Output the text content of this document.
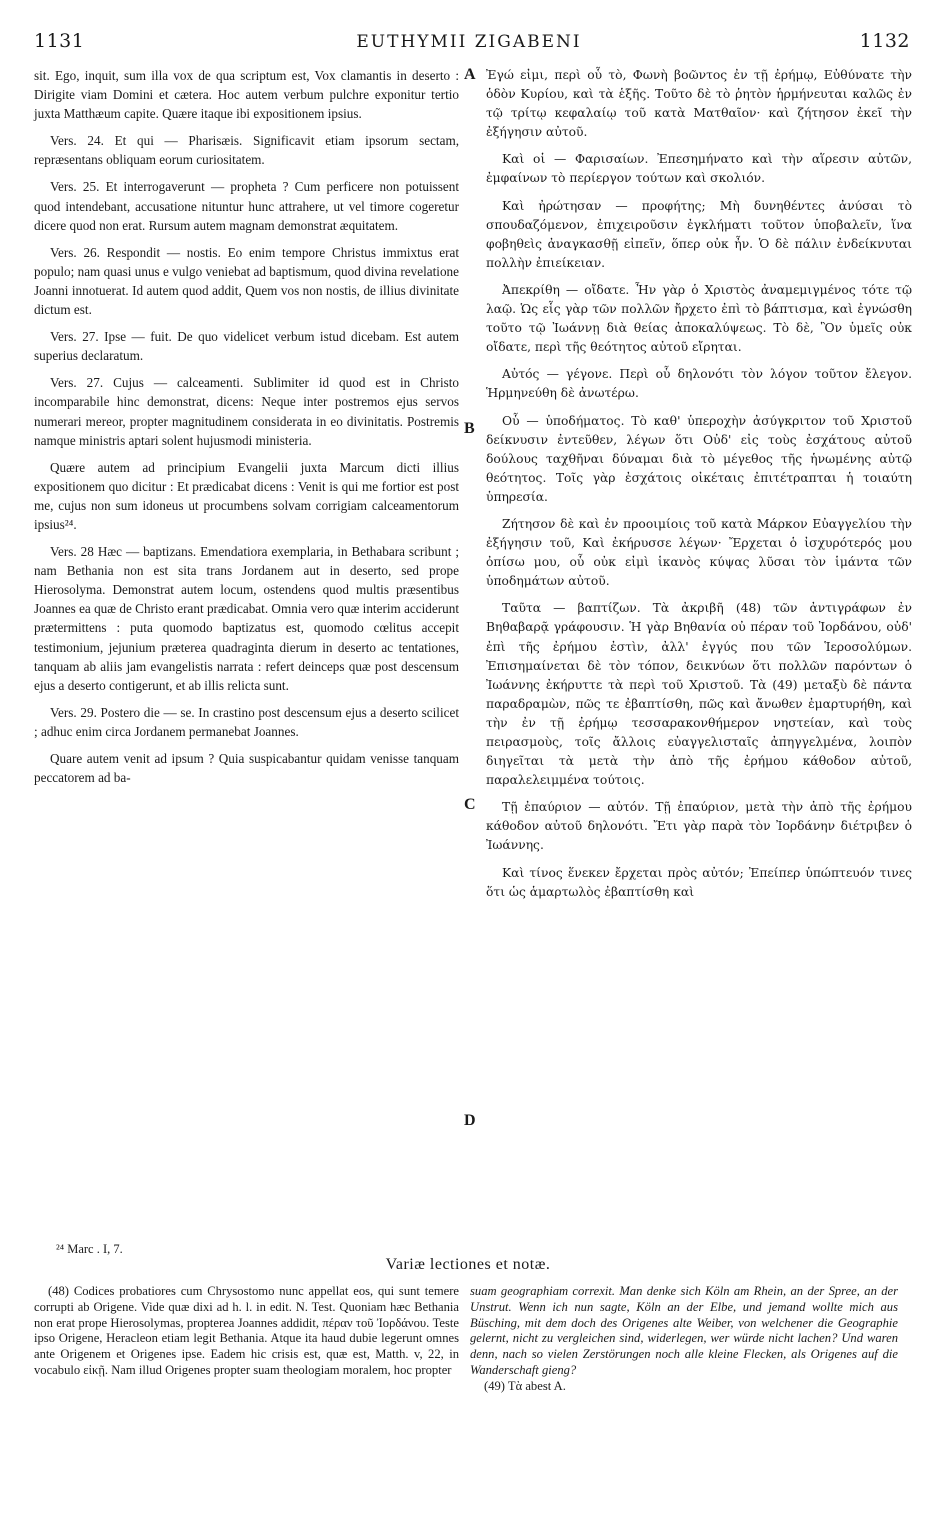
1131	EUTHYMII ZIGABENI	1132

sit. Ego, inquit, sum illa vox de qua scriptum est, Vox clamantis in deserto : Dirigite viam Domini et cætera. Hoc autem verbum pulchre exponitur tertio juxta Matthæum capite. Quære itaque ibi expositionem ipsius.

Vers. 24. Et qui — Pharisæis. Significavit etiam ipsorum sectam, repræsentans obliquam eorum curiositatem.

Vers. 25. Et interrogaverunt — propheta ? Cum perficere non potuissent quod intendebant, accusatione nituntur hunc attrahere, ut vel timore cogeretur dicere quod non erat. Rursum autem magnam demonstrat æquitatem.

Vers. 26. Respondit — nostis. Eo enim tempore Christus immixtus erat populo; nam quasi unus e vulgo veniebat ad baptismum, quod divina revelatione Joanni innotuerat. Id autem quod addit, Quem vos non nostis, de illius divinitate dictum est.

Vers. 27. Ipse — fuit. De quo videlicet verbum istud dicebam. Est autem superius declaratum.

Vers. 27. Cujus — calceamenti. Sublimiter id quod est in Christo incomparabile hinc demonstrat, dicens: Neque inter postremos ejus servos numerari mereor, propter magnitudinem considerata in eo divinitatis. Postremis namque ministris aptari solent hujusmodi ministeria.

Quære autem ad principium Evangelii juxta Marcum dicti illius expositionem quo dicitur : Et prædicabat dicens : Venit is qui me fortior est post me, cujus non sum idoneus ut procumbens solvam corrigiam calceamentorum ipsius²⁴.

Vers. 28 Hæc — baptizans. Emendatiora exemplaria, in Bethabara scribunt ; nam Bethania non est sita trans Jordanem aut in deserto, sed prope Hierosolyma. Demonstrat autem locum, ostendens quod multis præsentibus Joannes ea quæ de Christo erant prædicabat. Omnia vero quæ interim acciderunt prætermittens : puta quomodo baptizatus est, quomodo cœlitus accepit testimonium, jejunium præterea quadraginta dierum in deserto ac tentationes, tanquam ab aliis jam evangelistis narrata : refert deinceps quæ post descensum ejus a deserto contigerunt, et ab illis relicta sunt.

Vers. 29. Postero die — se. In crastino post descensum ejus a deserto scilicet ; adhuc enim circa Jordanem permanebat Joannes.

Quare autem venit ad ipsum ? Quia suspicabantur quidam venisse tanquam peccatorem ad ba-

Ἐγώ εἰμι, περὶ οὗ τὸ, Φωνὴ βοῶντος ἐν τῇ ἐρήμῳ, Εὐθύνατε τὴν ὁδὸν Κυρίου, καὶ τὰ ἑξῆς. Τοῦτο δὲ τὸ ῥητὸν ἡρμήνευται καλῶς ἐν τῷ τρίτῳ κεφαλαίῳ τοῦ κατὰ Ματθαῖον· καὶ ζήτησον ἐκεῖ τὴν ἐξήγησιν αὐτοῦ.

Καὶ οἱ — Φαρισαίων. Ἐπεσημήνατο καὶ τὴν αἵρεσιν αὐτῶν, ἐμφαίνων τὸ περίεργον τούτων καὶ σκολιόν.

Καὶ ἠρώτησαν — προφήτης; Μὴ δυνηθέντες ἀνύσαι τὸ σπουδαζόμενον, ἐπιχειροῦσιν ἐγκλήματι τοῦτον ὑποβαλεῖν, ἵνα φοβηθεὶς ἀναγκασθῇ εἰπεῖν, ὅπερ οὐκ ἦν. Ὁ δὲ πάλιν ἐνδείκνυται πολλὴν ἐπιείκειαν.

Ἀπεκρίθη — οἴδατε. Ἦν γὰρ ὁ Χριστὸς ἀναμεμιγμένος τότε τῷ λαῷ. Ὡς εἷς γὰρ τῶν πολλῶν ἤρχετο ἐπὶ τὸ βάπτισμα, καὶ ἐγνώσθη τοῦτο τῷ Ἰωάννῃ διὰ θείας ἀποκαλύψεως. Τὸ δὲ, Ὃν ὑμεῖς οὐκ οἴδατε, περὶ τῆς θεότητος αὐτοῦ εἴρηται.

Αὐτός — γέγονε. Περὶ οὗ δηλονότι τὸν λόγον τοῦτον ἔλεγον. Ἡρμηνεύθη δὲ ἀνωτέρω.

Οὗ — ὑποδήματος. Τὸ καθ' ὑπεροχὴν ἀσύγκριτον τοῦ Χριστοῦ δείκνυσιν ἐντεῦθεν, λέγων ὅτι Οὐδ' εἰς τοὺς ἐσχάτους αὐτοῦ δούλους ταχθῆναι δύναμαι διὰ τὸ μέγεθος τῆς ἡνωμένης αὐτῷ θεότητος. Τοῖς γὰρ ἐσχάτοις οἰκέταις ἐπιτέτραπται ἡ τοιαύτη ὑπηρεσία.

Ζήτησον δὲ καὶ ἐν προοιμίοις τοῦ κατὰ Μάρκον Εὐαγγελίου τὴν ἐξήγησιν τοῦ, Καὶ ἐκήρυσσε λέγων· Ἔρχεται ὁ ἰσχυρότερός μου ὀπίσω μου, οὗ οὐκ εἰμὶ ἱκανὸς κύψας λῦσαι τὸν ἱμάντα τῶν ὑποδημάτων αὐτοῦ.

Ταῦτα — βαπτίζων. Τὰ ἀκριβῆ (48) τῶν ἀντιγράφων ἐν Βηθαβαρᾷ γράφουσιν. Ἡ γὰρ Βηθανία οὐ πέραν τοῦ Ἰορδάνου, οὐδ' ἐπὶ τῆς ἐρήμου ἐστὶν, ἀλλ' ἐγγύς που τῶν Ἱεροσολύμων. Ἐπισημαίνεται δὲ τὸν τόπον, δεικνύων ὅτι πολλῶν παρόντων ὁ Ἰωάννης ἐκήρυττε τὰ περὶ τοῦ Χριστοῦ. Τὰ (49) μεταξὺ δὲ πάντα παραδραμὼν, πῶς τε ἐβαπτίσθη, πῶς καὶ ἄνωθεν ἐμαρτυρήθη, καὶ τὴν ἐν τῇ ἐρήμῳ τεσσαρακονθήμερον νηστείαν, καὶ τοὺς πειρασμοὺς, τοῖς ἄλλοις εὐαγγελισταῖς ἀπηγγελμένα, λοιπὸν διηγεῖται τὰ μετὰ τὴν ἀπὸ τῆς ἐρήμου κάθοδον αὐτοῦ, παραλελειμμένα τούτοις.

Τῇ ἐπαύριον — αὐτόν. Τῇ ἐπαύριον, μετὰ τὴν ἀπὸ τῆς ἐρήμου κάθοδον αὐτοῦ δηλονότι. Ἔτι γὰρ παρὰ τὸν Ἰορδάνην διέτριβεν ὁ Ἰωάννης.

Καὶ τίνος ἕνεκεν ἔρχεται πρὸς αὐτόν; Ἐπείπερ ὑπώπτευόν τινες ὅτι ὡς ἁμαρτωλὸς ἐβαπτίσθη καὶ

A
B
C
D
²⁴ Marc . I, 7.
Variæ lectiones et notæ.

(48) Codices probatiores cum Chrysostomo nunc appellat eos, qui sunt temere corrupti ab Origene. Vide quæ dixi ad h. l. in edit. N. Test. Quoniam hæc Bethania non erat prope Hierosolymas, propterea Joannes addidit, πέραν τοῦ Ἰορδάνου. Teste ipso Origene, Heracleon etiam legit Bethania. Atque ita haud dubie legerunt omnes ante Origenem et Origenes ipse. Eadem hic crisis est, quæ est, Matth. v, 22, in vocabulo εἰκῇ. Nam illud Origenes propter suam theologiam moralem, hoc propter

suam geographiam correxit. Man denke sich Köln am Rhein, an der Spree, an der Unstrut. Wenn ich nun sagte, Köln an der Elbe, und jemand wollte mich aus Büsching, mit dem doch des Origenes alte Weiber, von welchener die Geographie gelernt, nicht zu vergleichen sind, widerlegen, wer würde nicht lachen? Und waren denn, nach so vielen Zerstörungen noch alle kleine Flecken, als Origenes auf die Wanderschaft gieng?

(49) Τὰ abest A.
